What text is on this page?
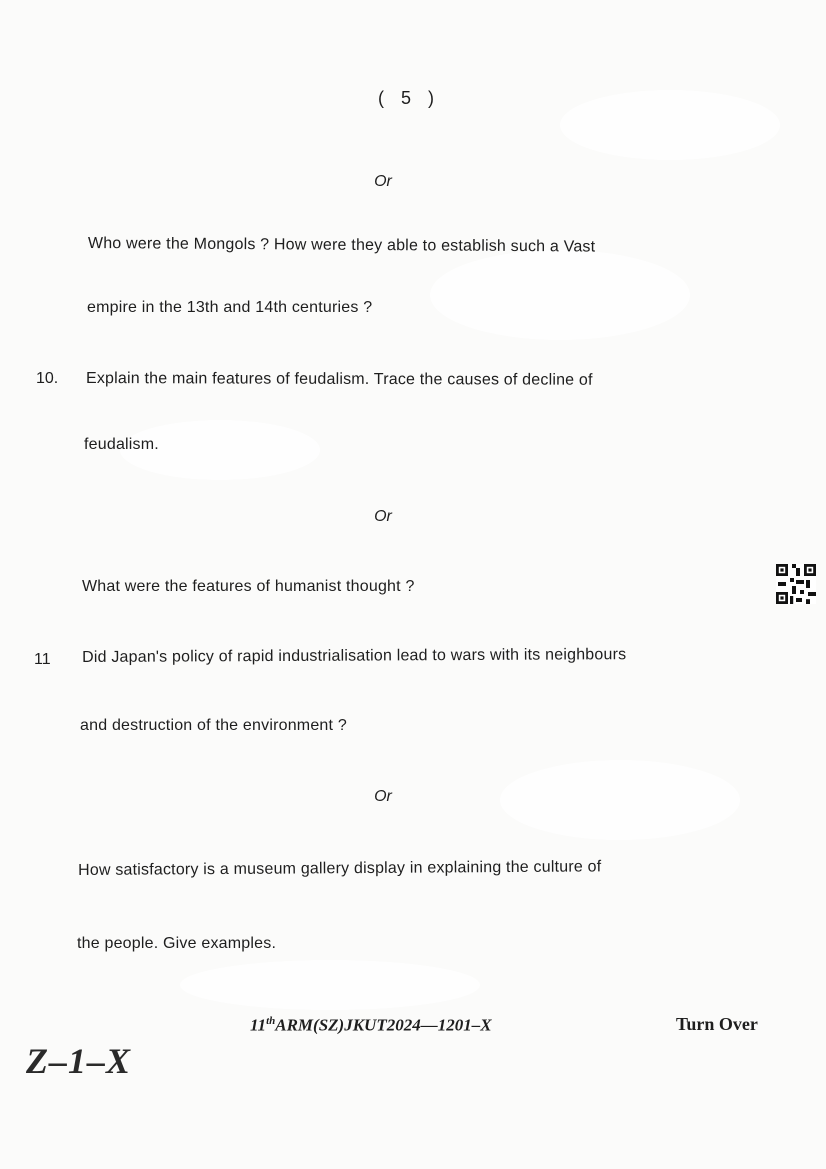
( 5 )
Or
Who were the Mongols ? How were they able to establish such a Vast
empire in the 13th and 14th centuries ?
10. Explain the main features of feudalism. Trace the causes of decline of
feudalism.
Or
What were the features of humanist thought ?
11 Did Japan's policy of rapid industrialisation lead to wars with its neighbours
and destruction of the environment ?
Or
How satisfactory is a museum gallery display in explaining the culture of
the people. Give examples.
11thARM(SZ)JKUT2024—1201–X	Turn Over
Z–1–X
